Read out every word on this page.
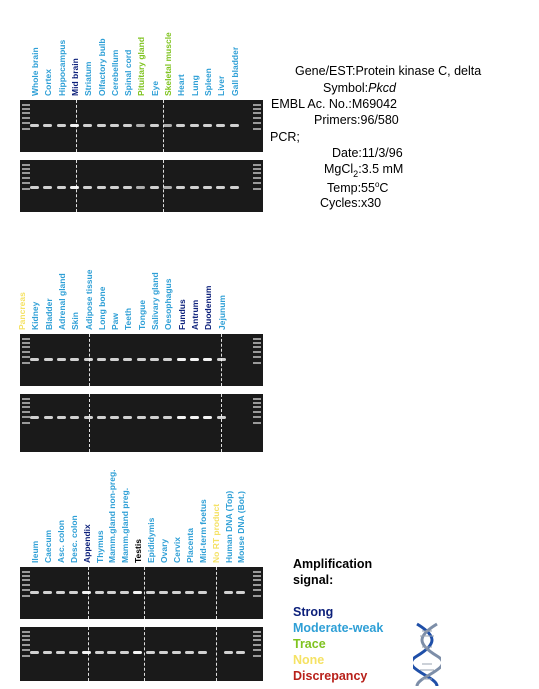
Whole brain Cortex Hippocampus Mid brain Striatum Olfactory bulb Cerebellum Spinal cord Pituitary gland Eye Skeletal muscle Heart Lung Spleen Liver Gall bladder
Pancreas Kidney Bladder Adrenal gland Skin Adipose tissue Long bone Paw Teeth Tongue Salivary gland Oesophagus Fundus Antrum Duodenum Jejunum
Ileum Caecum Asc. colon Desc. colon Appendix Thymus Mamm.gland non-preg. Mamm.gland preg. Testis Epididymis Ovary Cervix Placenta Mid-term foetus No RT product Human DNA (Top) Mouse DNA (Bot.)
Gene/EST:Protein kinase C, delta
Symbol:Pkcd
EMBL Ac. No.:M69042
Primers:96/580
PCR;
Date:11/3/96
MgCl$_2$:3.5 mM
Temp:55$^o$C
Cycles:x30
Amplification
signal:
Strong
Moderate-weak
Trace
None
Discrepancy
